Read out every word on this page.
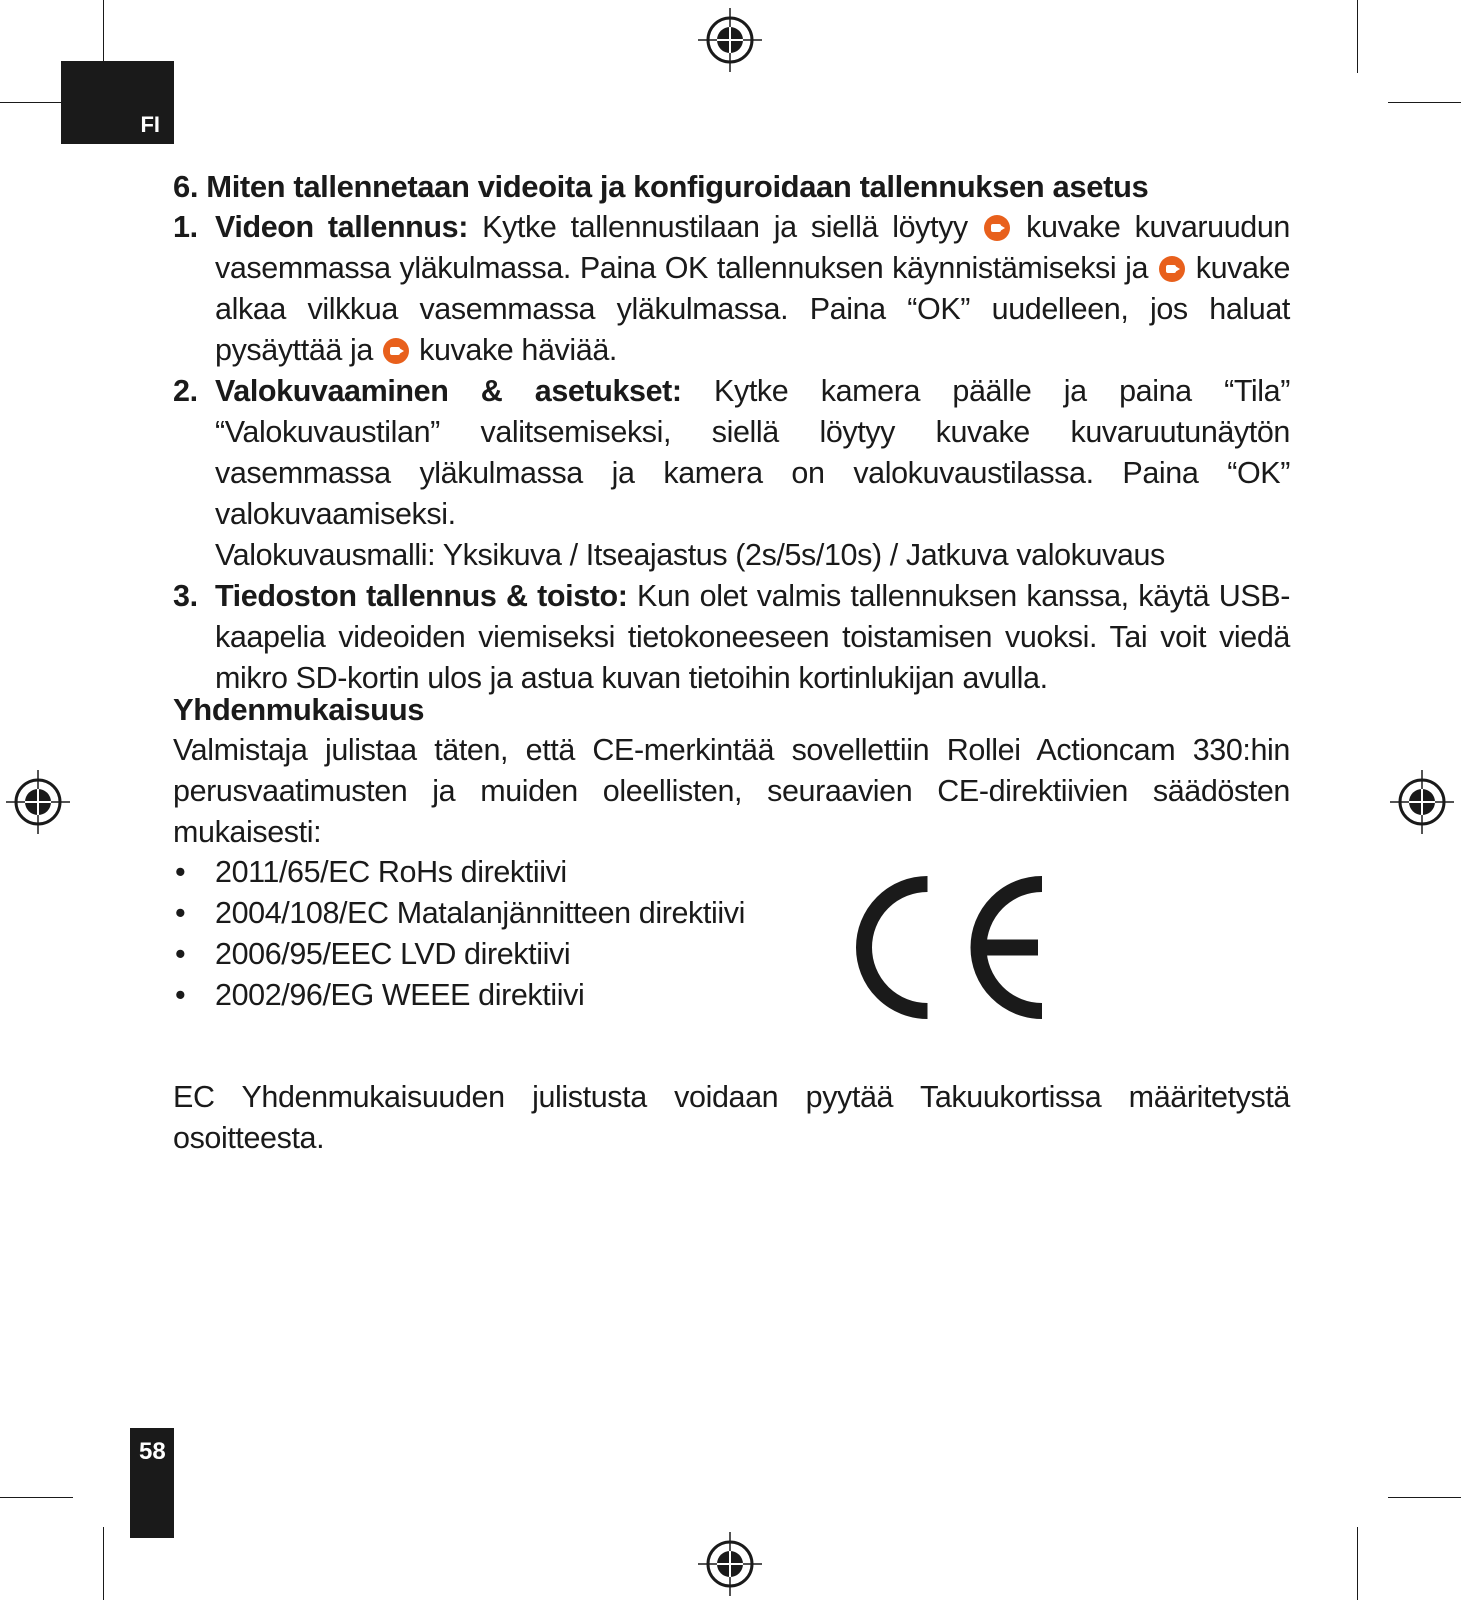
FI
58
6. Miten tallennetaan videoita ja konfiguroidaan tallennuksen asetus
1. Videon tallennus: Kytke tallennustilaan ja siellä löytyy  kuvake kuvaruudun vasemmassa yläkulmassa. Paina OK tallennuksen käynnistämiseksi ja  kuvake alkaa vilkkua vasemmassa yläkulmassa. Paina “OK” uudelleen, jos haluat pysäyttää ja  kuvake häviää.
2. Valokuvaaminen & asetukset: Kytke kamera päälle ja paina “Tila” “Valokuvaustilan” valitsemiseksi, siellä löytyy kuvake kuvaruutunäytön vasemmassa yläkulmassa ja kamera on valokuvaustilassa. Paina “OK” valokuvaamiseksi.
Valokuvausmalli: Yksikuva / Itseajastus (2s/5s/10s) / Jatkuva valokuvaus
3. Tiedoston tallennus & toisto: Kun olet valmis tallennuksen kanssa, käytä USB-kaapelia videoiden viemiseksi tietokoneeseen toistamisen vuoksi. Tai voit viedä mikro SD-kortin ulos ja astua kuvan tietoihin kortinlukijan avulla.
Yhdenmukaisuus
Valmistaja julistaa täten, että CE-merkintää sovellettiin Rollei Actioncam 330:hin perusvaatimusten ja muiden oleellisten, seuraavien CE-direktiivien säädösten mukaisesti:
• 2011/65/EC RoHs direktiivi
• 2004/108/EC Matalanjännitteen direktiivi
• 2006/95/EEC LVD direktiivi
• 2002/96/EG WEEE direktiivi
EC Yhdenmukaisuuden julistusta voidaan pyytää Takuukortissa määritetystä osoitteesta.
